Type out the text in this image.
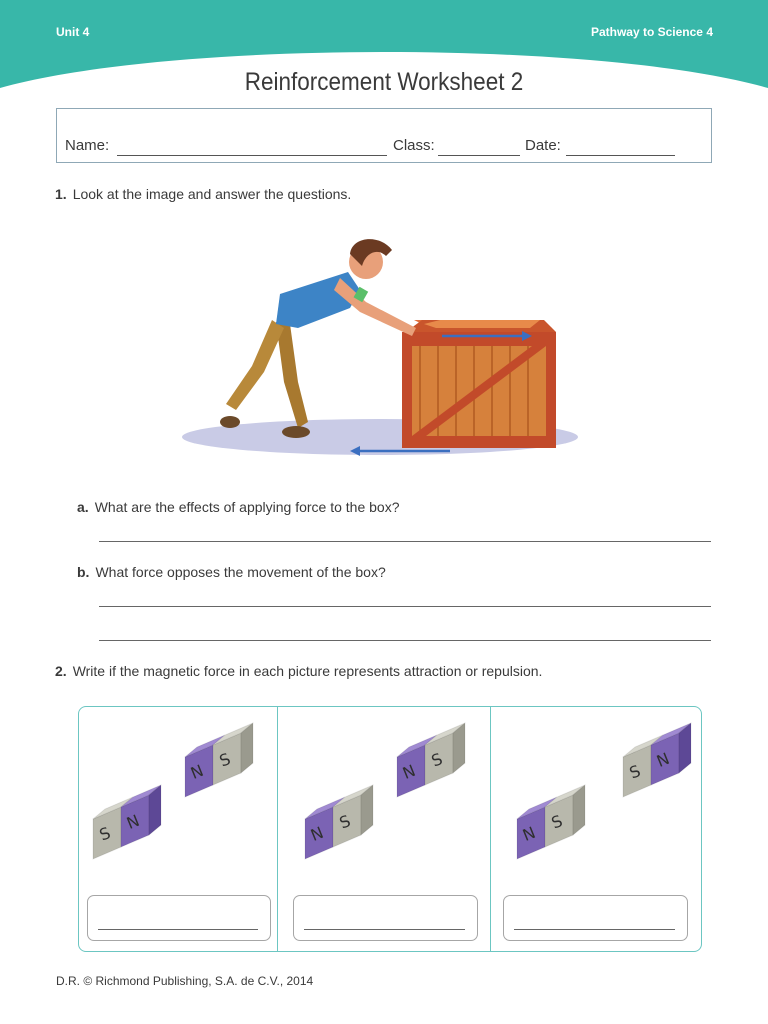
Unit 4	Pathway to Science 4
Reinforcement Worksheet 2
Name:	Class:	Date:
1. Look at the image and answer the questions.
a. What are the effects of applying force to the box?
b. What force opposes the movement of the box?
2. Write if the magnetic force in each picture represents attraction or repulsion.
N
S
S
N
N
S
N
S
S
N
N
S
D.R. © Richmond Publishing, S.A. de C.V., 2014
